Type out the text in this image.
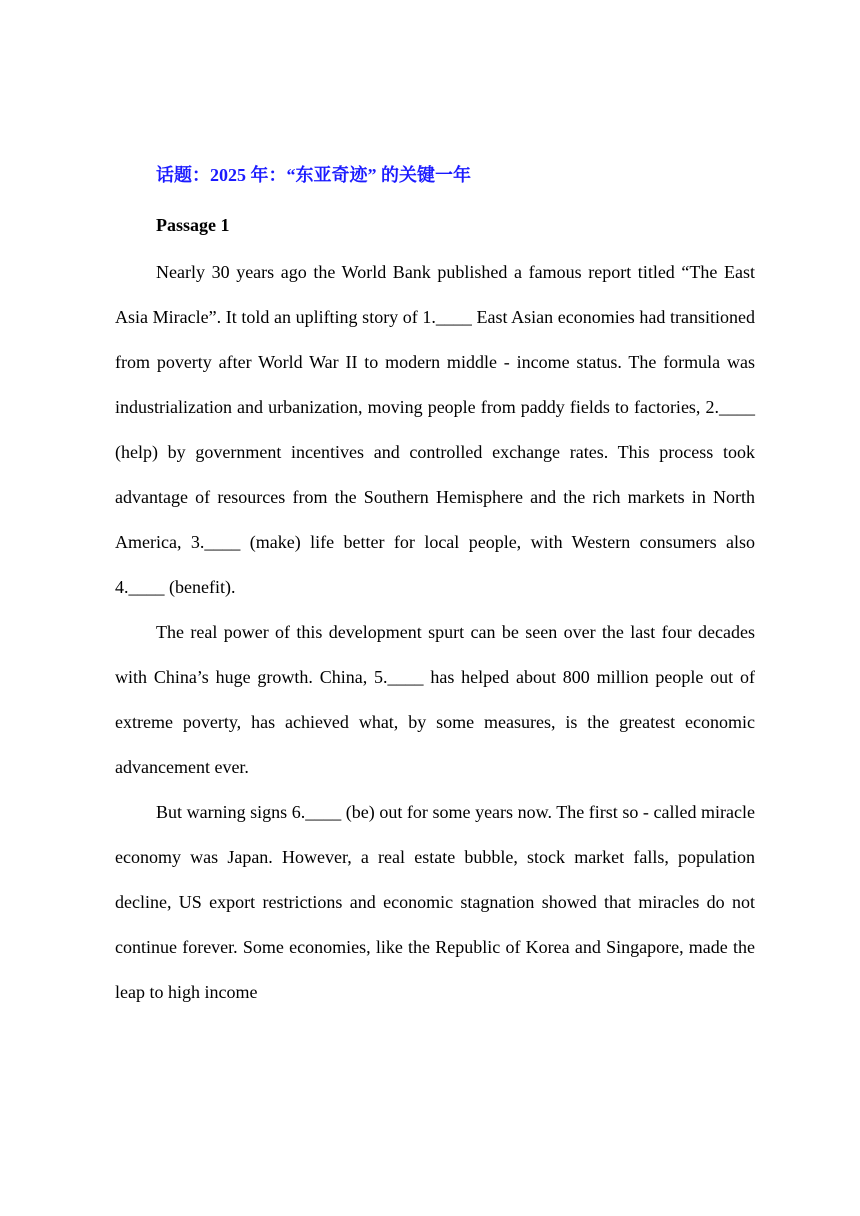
话题：2025 年：“东亚奇迹” 的关键一年
Passage 1

Nearly 30 years ago the World Bank published a famous report titled “The East Asia Miracle”. It told an uplifting story of 1.____ East Asian economies had transitioned from poverty after World War II to modern middle - income status. The formula was industrialization and urbanization, moving people from paddy fields to factories, 2.____ (help) by government incentives and controlled exchange rates. This process took advantage of resources from the Southern Hemisphere and the rich markets in North America, 3.____ (make) life better for local people, with Western consumers also 4.____ (benefit).

The real power of this development spurt can be seen over the last four decades with China’s huge growth. China, 5.____ has helped about 800 million people out of extreme poverty, has achieved what, by some measures, is the greatest economic advancement ever.

But warning signs 6.____ (be) out for some years now. The first so - called miracle economy was Japan. However, a real estate bubble, stock market falls, population decline, US export restrictions and economic stagnation showed that miracles do not continue forever. Some economies, like the Republic of Korea and Singapore, made the leap to high income
